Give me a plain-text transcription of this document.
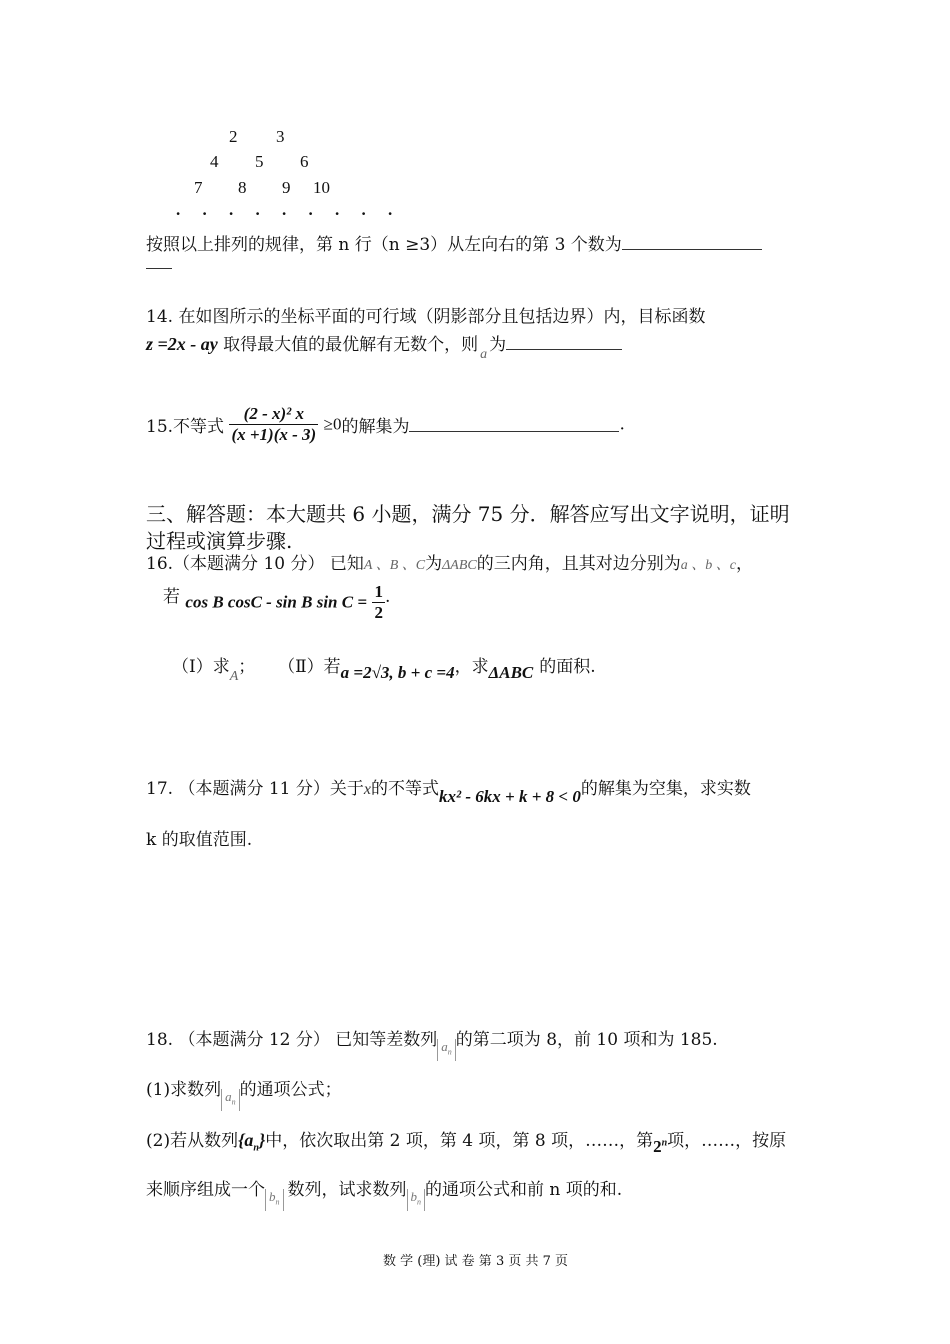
2 3
4 5 6
7 8 9 10
. . . . . . . . .
按照以上排列的规律，第 n 行（n ≥3）从左向右的第 3 个数为
14. 在如图所示的坐标平面的可行域（阴影部分且包括边界）内，目标函数
z =2x - ay 取得最大值的最优解有无数个，则 $_a$ 为
15.不等式 $\frac{\text{(2 - x)² x}}{(x +1)(x - 3)} \ge 0$的解集为	.
三、解答题：本大题共 6 小题，满分 75 分．解答应写出文字说明，证明
过程或演算步骤.
16.（本题满分 10 分） 已知A 、B 、C为ΔABC的三内角，且其对边分别为a 、b 、c，
若 cos B cosC - sin B $\sin C = \frac{1}{2}$ .
（Ⅰ）求$_A$； （Ⅱ）若a =2√3, b + c =4，求ΔABC 的面积.
17. （本题满分 11 分）关于x的不等式kx² - 6kx + k + 8 < 0的解集为空集，求实数
k 的取值范围.
18. （本题满分 12 分） 已知等差数列 $a_n$的第二项为 8，前 10 项和为 185.
(1)求数列 $a_n$的通项公式；
(2)若从数列$\{a_n\}$中，依次取出第 2 项，第 4 项，第 8 项，……，第2$^n$项，……，按原
来顺序组成一个 $b_n$数列，试求数列 $b_n$的通项公式和前 n 项的和.
数 学 (理) 试 卷 第 3 页 共 7 页
